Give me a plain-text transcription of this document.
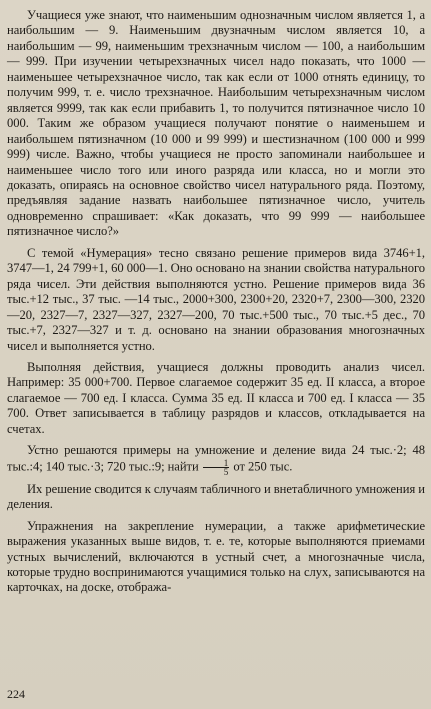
Учащиеся уже знают, что наименьшим однозначным числом является 1, а наибольшим — 9. Наименьшим двузначным числом является 10, а наибольшим — 99, наименьшим трехзначным числом — 100, а наибольшим — 999. При изучении четырехзначных чисел надо показать, что 1000 — наименьшее четырехзначное число, так как если от 1000 отнять единицу, то получим 999, т. е. число трехзначное. Наибольшим четырехзначным числом является 9999, так как если прибавить 1, то получится пятизначное число 10 000. Таким же образом учащиеся получают понятие о наименьшем и наибольшем пятизначном (10 000 и 99 999) и шестизначном (100 000 и 999 999) числе. Важно, чтобы учащиеся не просто запоминали наибольшее и наименьшее число того или иного разряда или класса, но и могли это доказать, опираясь на основное свойство чисел натурального ряда. Поэтому, предъявляя задание назвать наибольшее пятизначное число, учитель одновременно спрашивает: «Как доказать, что 99 999 — наибольшее пятизначное число?»

С темой «Нумерация» тесно связано решение примеров вида 3746+1, 3747—1, 24 799+1, 60 000—1. Оно основано на знании свойства натурального ряда чисел. Эти действия выполняются устно. Решение примеров вида 36 тыс.+12 тыс., 37 тыс. —14 тыс., 2000+300, 2300+20, 2320+7, 2300—300, 2320—20, 2327—7, 2327—327, 2327—200, 70 тыс.+500 тыс., 70 тыс.+5 дес., 70 тыс.+7, 2327—327 и т. д. основано на знании образования многозначных чисел и выполняется устно.

Выполняя действия, учащиеся должны проводить анализ чисел. Например: 35 000+700. Первое слагаемое содержит 35 ед. II класса, а второе слагаемое — 700 ед. I класса. Сумма 35 ед. II класса и 700 ед. I класса — 35 700. Ответ записывается в таблицу разрядов и классов, откладывается на счетах.

Устно решаются примеры на умножение и деление вида 24 тыс.·2; 48 тыс.:4; 140 тыс.·3; 720 тыс.:9; найти $\frac{1}{5}$ от 250 тыс.

Их решение сводится к случаям табличного и внетабличного умножения и деления.

Упражнения на закрепление нумерации, а также арифметические выражения указанных выше видов, т. е. те, которые выполняются приемами устных вычислений, включаются в устный счет, а многозначные числа, которые трудно воспринимаются учащимися только на слух, записываются на карточках, на доске, отобража-

224
